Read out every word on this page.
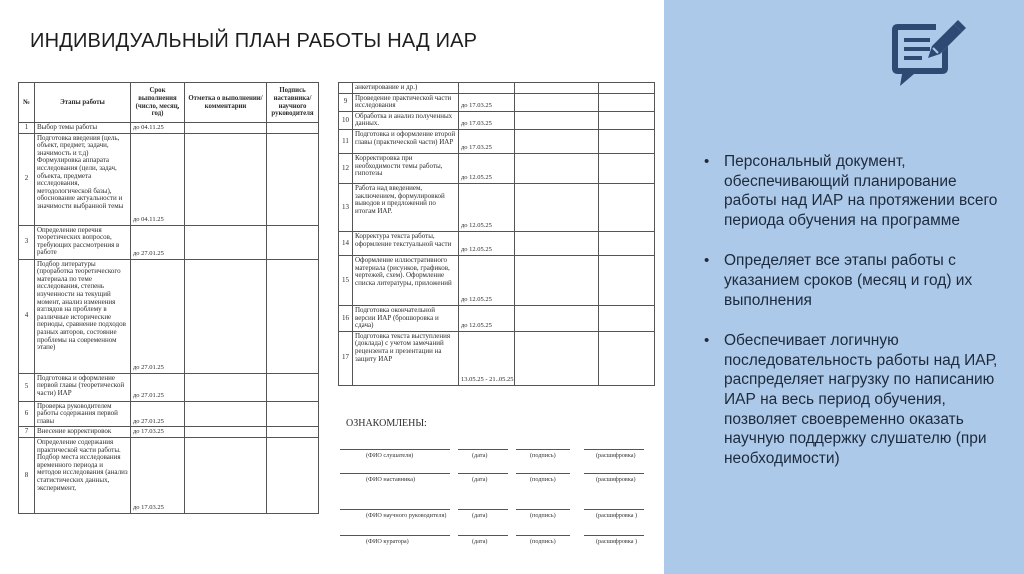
ИНДИВИДУАЛЬНЫЙ ПЛАН РАБОТЫ НАД ИАР
№	Этапы работы	Срок выполнения (число, месяц, год)	Отметка о выполнении/ комментарии	Подпись наставника/ научного руководителя
1	Выбор темы работы	до 04.11.25		
2	Подготовка введения (цель, объект, предмет, задачи, значимость и т.д) Формулировка аппарата исследования (цели, задач, объекта, предмета исследования, методологической базы), обоснование актуальности и значимости выбранной темы	до 04.11.25		
3	Определение перечня теоретических вопросов, требующих рассмотрения в работе	до 27.01.25		
4	Подбор литературы (проработка теоретического материала по теме исследования, степень изученности на текущий момент, анализ изменения взглядов на проблему в различные исторические периоды, сравнение подходов разных авторов, состояние проблемы на современном этапе)	до 27.01.25		
5	Подготовка и оформление первой главы (теоретической части) ИАР	до 27.01.25		
6	Проверка руководителем работы содержания первой главы	до 27.01.25		
7	Внесение корректировок	до 17.03.25		
8	Определение содержания практической части работы. Подбор места исследования временного периода и методов исследования (анализ статистических данных, эксперимент,	до 17.03.25		
	анкетирование и др.)			
9	Проведение практической части исследования	до 17.03.25		
10	Обработка и анализ полученных данных.	до 17.03.25		
11	Подготовка и оформление второй главы (практической части) ИАР	до 17.03.25		
12	Корректировка при необходимости темы работы, гипотезы	до 12.05.25		
13	Работа над введением, заключением, формулировкой выводов и предложений по итогам ИАР.	до 12.05.25		
14	Корректура текста работы, оформление текстуальной части	до 12.05.25		
15	Оформление иллюстративного материала (рисунков, графиков, чертежей, схем). Оформление списка литературы, приложений	до 12.05.25		
16	Подготовка окончательной версии ИАР (брошюровка и сдача)	до 12.05.25		
17	Подготовка текста выступления (доклада) с учетом замечаний рецензента и презентации на защиту ИАР	13.05.25 - 21..05.25		
ОЗНАКОМЛЕНЫ:
(ФИО слушателя)	(дата)	(подпись)	(расшифровка)
(ФИО наставника)	(дата)	(подпись)	(расшифровка)
(ФИО научного руководителя)	(дата)	(подпись)	(расшифровка )
(ФИО куратора)	(дата)	(подпись)	(расшифровка )
• Персональный документ, обеспечивающий планирование работы над ИАР на протяжении всего периода обучения на программе
• Определяет все этапы работы с указанием сроков (месяц и год) их выполнения
• Обеспечивает логичную последовательность работы над ИАР, распределяет нагрузку по написанию ИАР на весь период обучения, позволяет своевременно оказать научную поддержку слушателю (при необходимости)
